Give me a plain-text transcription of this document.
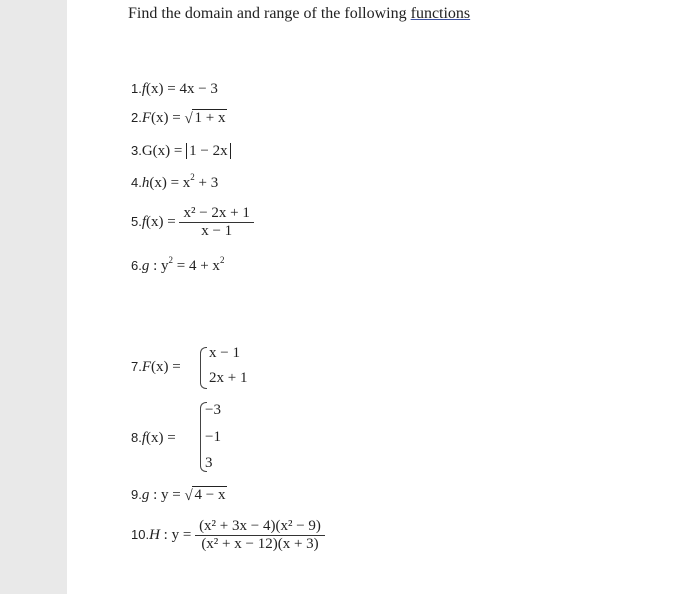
Find the domain and range of the following functions
1.f(x) = 4x − 3
2.F(x) = √ 1 + x
3.G(x) = 1 − 2x
$4.h(x) = x^2 + 3$
$5.f(x) = \frac{\text{x² − 2x + 1}}{x - 1}$
6.g : $y^2 = 4 + x^2$
7.F(x) =
x − 1
2x + 1
8.f(x) =
−3
−1
3
9.g : y = √ 4 − x
10.H : $y = \frac{\text{(x² + 3x − 4)(x² − 9)}}{\text{(x² + x − 12)(x + 3)}}$
